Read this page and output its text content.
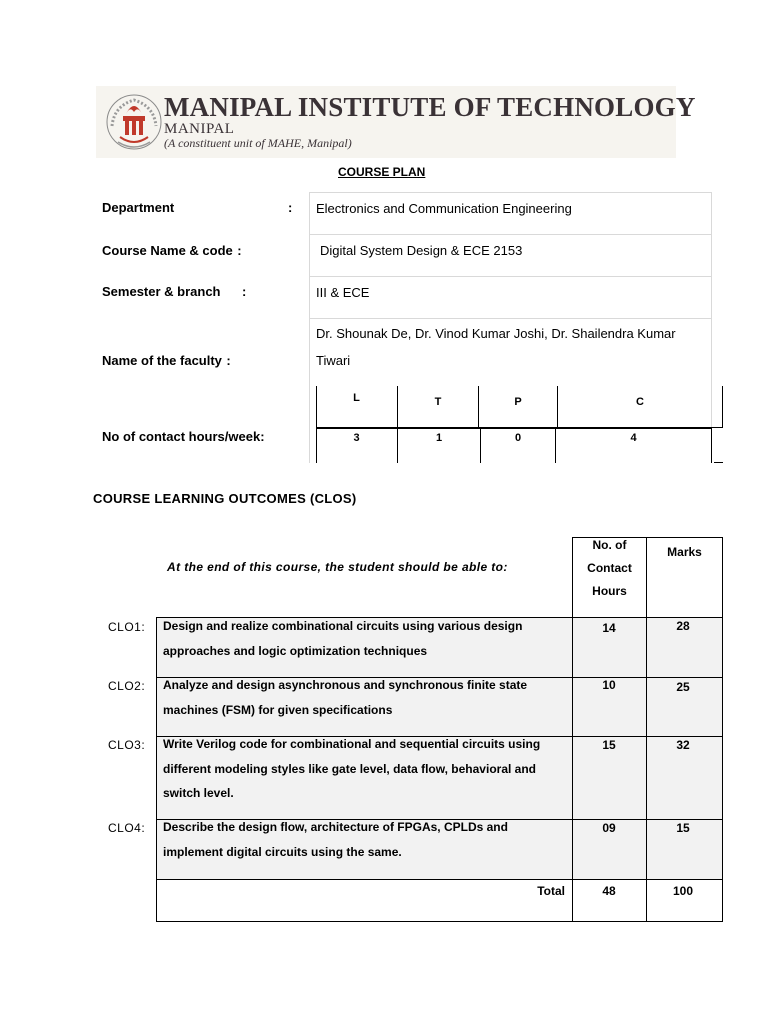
MANIPAL INSTITUTE OF TECHNOLOGY
MANIPAL
(A constituent unit of MAHE, Manipal)
COURSE PLAN
Department	: Electronics and Communication Engineering
Course Name & code :	Digital System Design & ECE 2153
Semester & branch :	III & ECE
Name of the faculty :
Dr. Shounak De, Dr. Vinod Kumar Joshi, Dr. Shailendra Kumar
Tiwari
No of contact hours/week:
L	T	P	C
3	1	0	4
COURSE LEARNING OUTCOMES (CLOS)
At the end of this course, the student should be able to:
No. of
Contact
Hours
Marks
CLO1: Design and realize combinational circuits using various design
approaches and logic optimization techniques
14	28
CLO2: Analyze and design asynchronous and synchronous finite state
machines (FSM) for given specifications
10	25
CLO3: Write Verilog code for combinational and sequential circuits using
different modeling styles like gate level, data flow, behavioral and
switch level.
15	32
CLO4: Describe the design flow, architecture of FPGAs, CPLDs and
implement digital circuits using the same.
09	15
Total	48	100
